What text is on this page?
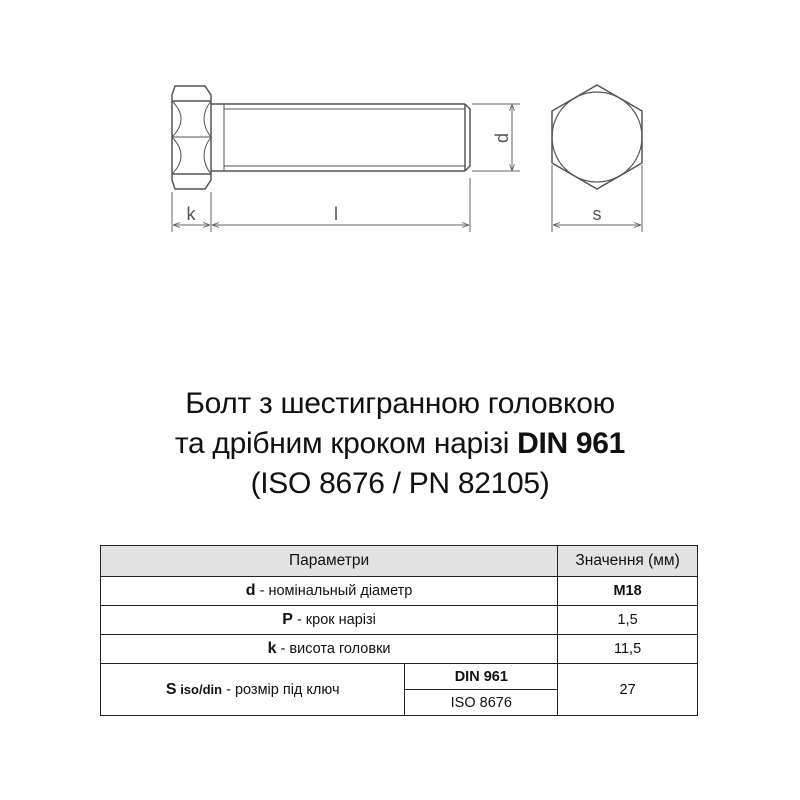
d
k	l	s
Болт з шестигранною головкою
та дрібним кроком нарізі DIN 961
(ISO 8676 / PN 82105)
Параметри		Значення (мм)
d - номінальный діаметр		M18
P - крок нарізі		1,5
k - висота головки		11,5
S iso/din - розмір під ключ	DIN 961	27
	ISO 8676	
